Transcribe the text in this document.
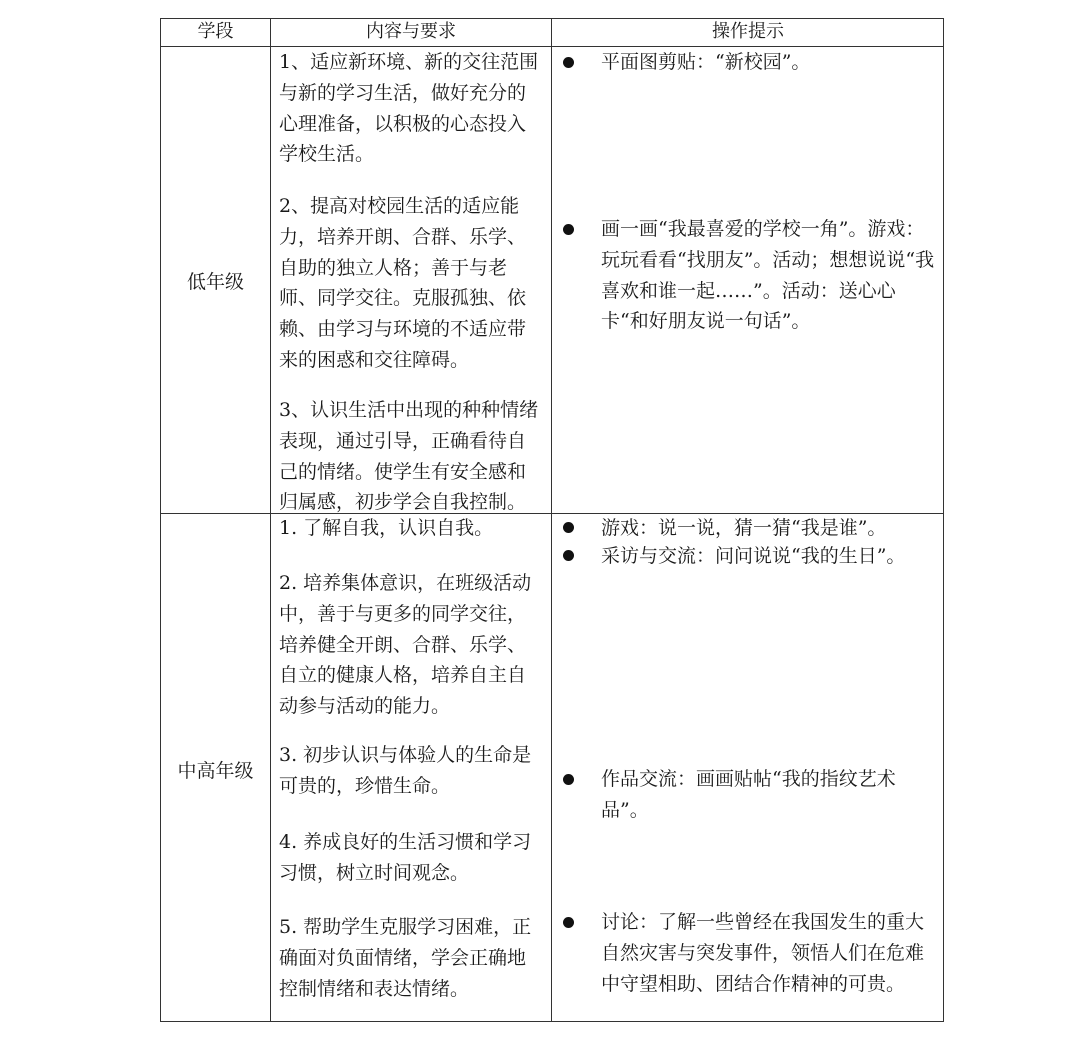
学段	内容与要求	操作提示
低年级

1、适应新环境、新的交往范围与新的学习生活，做好充分的心理准备，以积极的心态投入学校生活。

2、提高对校园生活的适应能力，培养开朗、合群、乐学、自助的独立人格；善于与老师、同学交往。克服孤独、依赖、由学习与环境的不适应带来的困惑和交往障碍。

3、认识生活中出现的种种情绪表现，通过引导，正确看待自己的情绪。使学生有安全感和归属感，初步学会自我控制。

平面图剪贴：“新校园”。

画一画“我最喜爱的学校一角”。游戏：玩玩看看“找朋友”。活动；想想说说“我喜欢和谁一起……”。活动：送心心卡“和好朋友说一句话”。

中高年级

1. 了解自我，认识自我。

2. 培养集体意识，在班级活动中，善于与更多的同学交往，培养健全开朗、合群、乐学、自立的健康人格，培养自主自动参与活动的能力。

3. 初步认识与体验人的生命是可贵的，珍惜生命。

4. 养成良好的生活习惯和学习习惯，树立时间观念。

5. 帮助学生克服学习困难，正确面对负面情绪，学会正确地控制情绪和表达情绪。

游戏：说一说，猜一猜“我是谁”。

采访与交流：问问说说“我的生日”。

作品交流：画画贴帖“我的指纹艺术品”。

讨论：了解一些曾经在我国发生的重大自然灾害与突发事件，领悟人们在危难中守望相助、团结合作精神的可贵。
